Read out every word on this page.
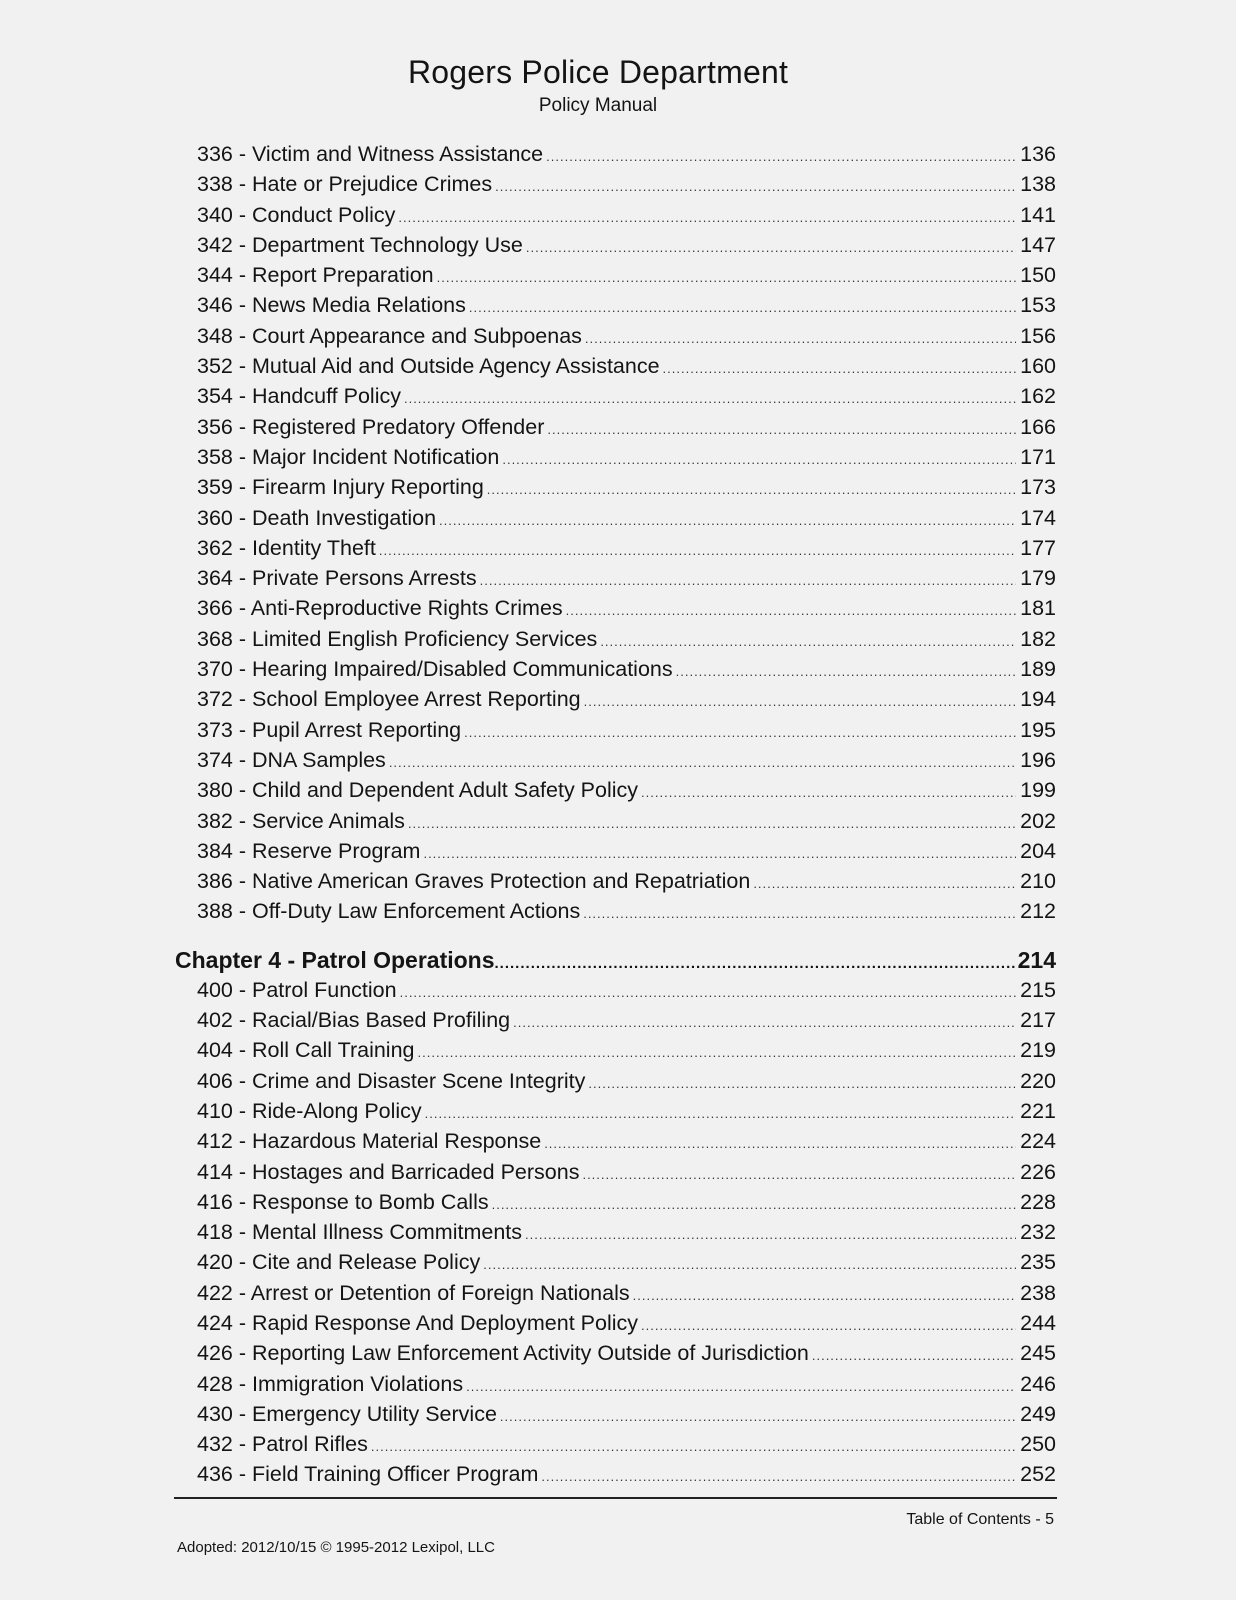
Rogers Police Department
Policy Manual
336 - Victim and Witness Assistance .....	136
338 - Hate or Prejudice Crimes .....	138
340 - Conduct Policy .....	141
342 - Department Technology Use .....	147
344 - Report Preparation .....	150
346 - News Media Relations .....	153
348 - Court Appearance and Subpoenas .....	156
352 - Mutual Aid and Outside Agency Assistance .....	160
354 - Handcuff Policy .....	162
356 - Registered Predatory Offender .....	166
358 - Major Incident Notification .....	171
359 - Firearm Injury Reporting .....	173
360 - Death Investigation .....	174
362 - Identity Theft .....	177
364 - Private Persons Arrests .....	179
366 - Anti-Reproductive Rights Crimes .....	181
368 - Limited English Proficiency Services .....	182
370 - Hearing Impaired/Disabled Communications .....	189
372 - School Employee Arrest Reporting .....	194
373 - Pupil Arrest Reporting .....	195
374 - DNA Samples .....	196
380 - Child and Dependent Adult Safety Policy .....	199
382 - Service Animals .....	202
384 - Reserve Program .....	204
386 - Native American Graves Protection and Repatriation .....	210
388 - Off-Duty Law Enforcement Actions .....	212
Chapter 4 - Patrol Operations .....	214
400 - Patrol Function .....	215
402 - Racial/Bias Based Profiling .....	217
404 - Roll Call Training .....	219
406 - Crime and Disaster Scene Integrity .....	220
410 - Ride-Along Policy .....	221
412 - Hazardous Material Response .....	224
414 - Hostages and Barricaded Persons .....	226
416 - Response to Bomb Calls .....	228
418 - Mental Illness Commitments .....	232
420 - Cite and Release Policy .....	235
422 - Arrest or Detention of Foreign Nationals .....	238
424 - Rapid Response And Deployment Policy .....	244
426 - Reporting Law Enforcement Activity Outside of Jurisdiction .....	245
428 - Immigration Violations .....	246
430 - Emergency Utility Service .....	249
432 - Patrol Rifles .....	250
436 - Field Training Officer Program .....	252
Table of Contents - 5
Adopted: 2012/10/15 © 1995-2012 Lexipol, LLC
